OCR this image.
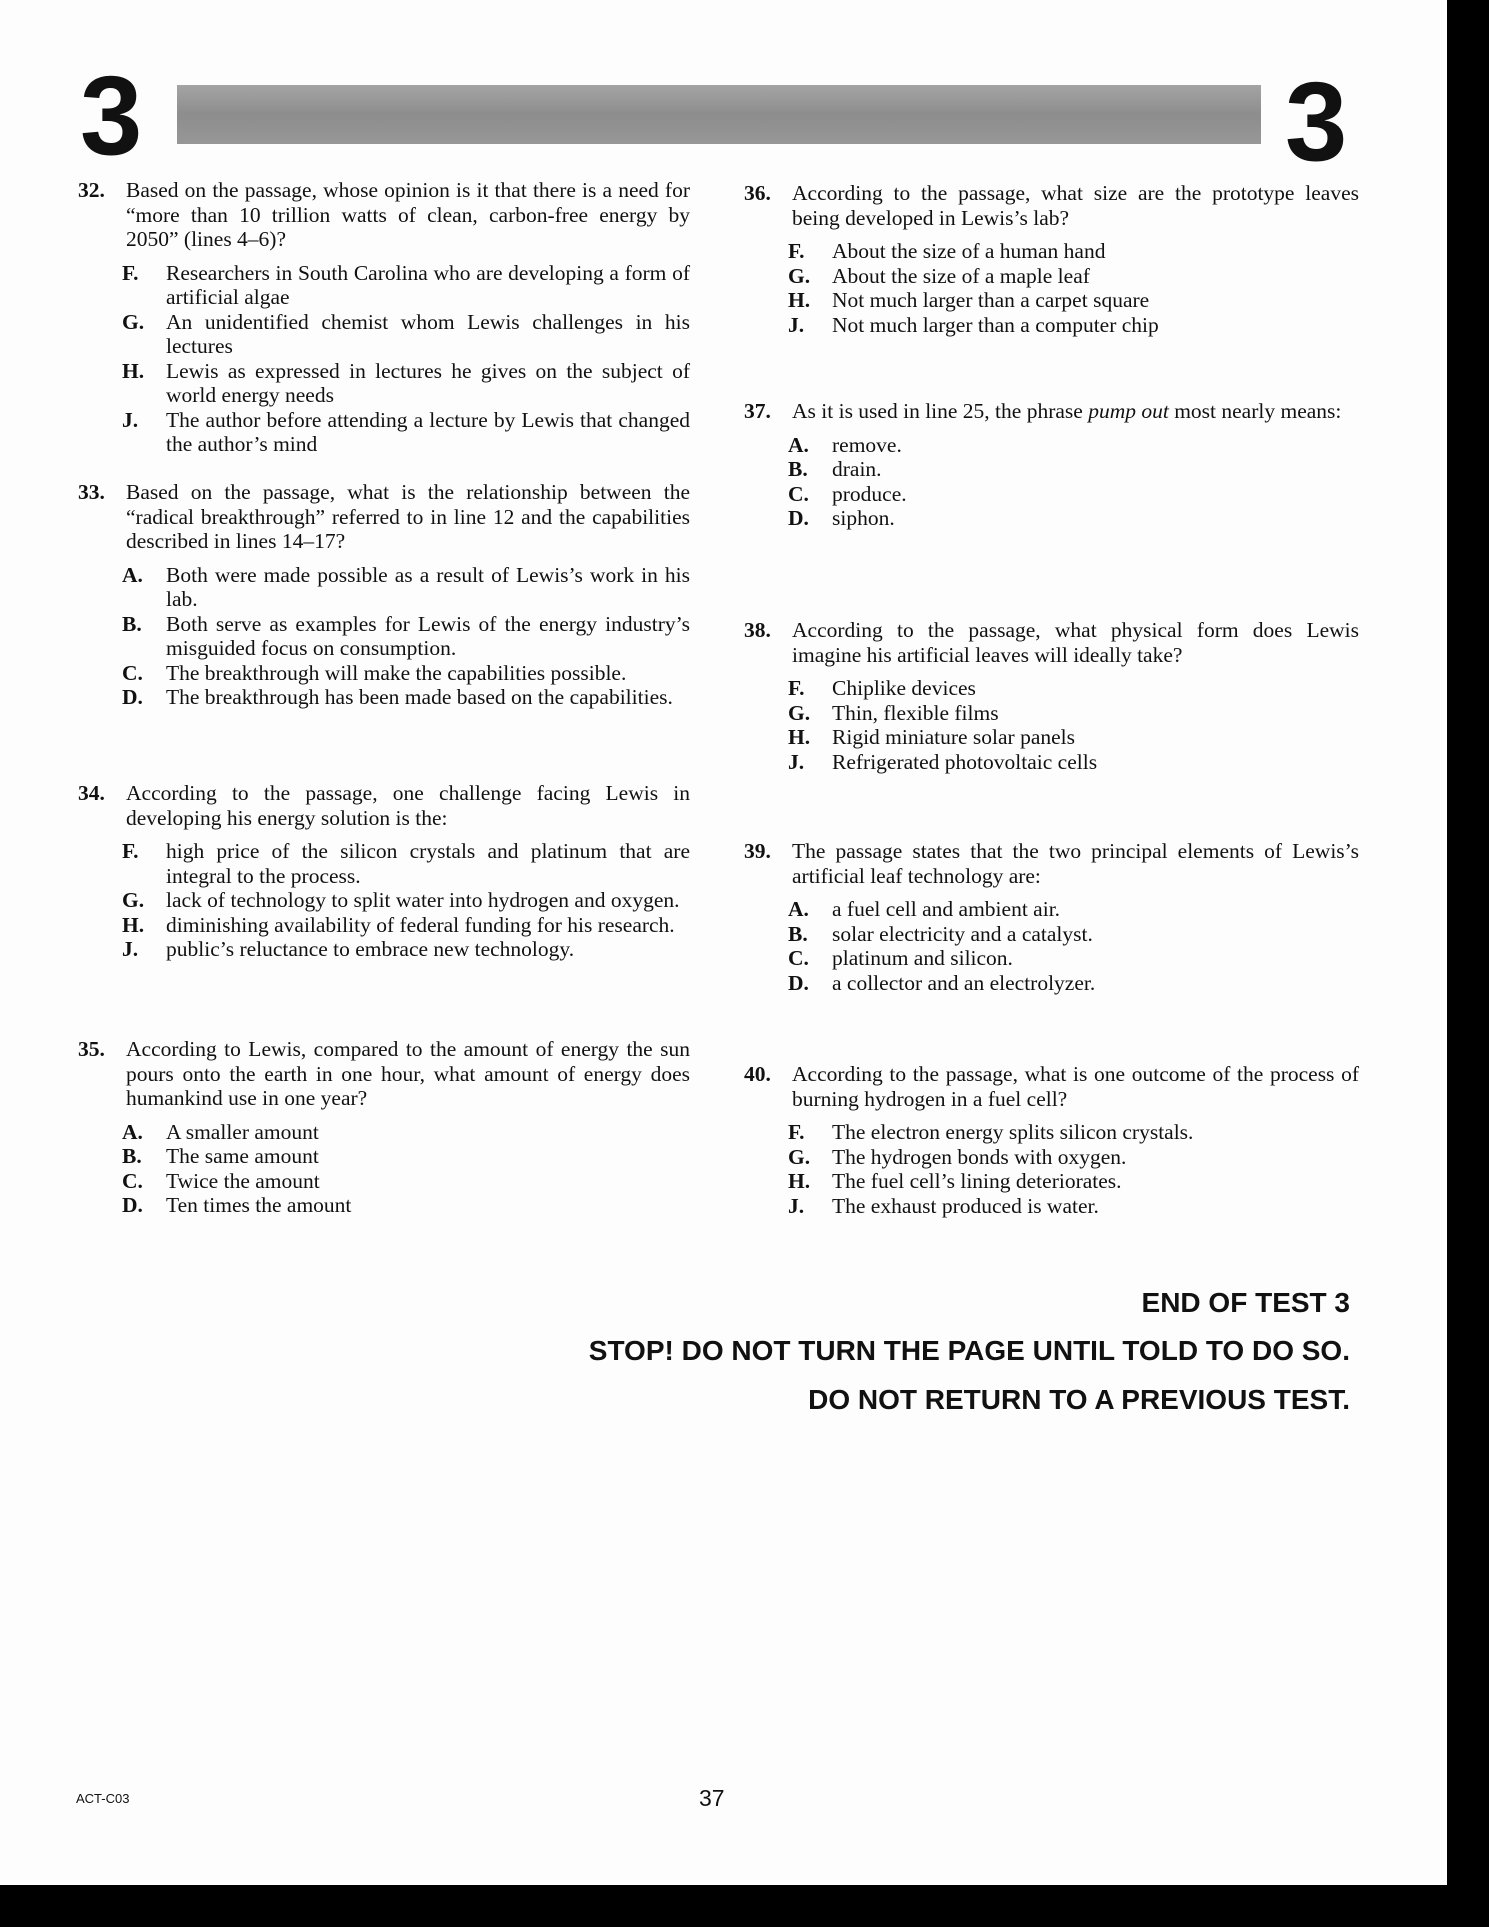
3	3
32. Based on the passage, whose opinion is it that there is a need for “more than 10 trillion watts of clean, carbon-free energy by 2050” (lines 4–6)?
F. Researchers in South Carolina who are developing a form of artificial algae
G. An unidentified chemist whom Lewis challenges in his lectures
H. Lewis as expressed in lectures he gives on the subject of world energy needs
J. The author before attending a lecture by Lewis that changed the author’s mind
33. Based on the passage, what is the relationship between the “radical breakthrough” referred to in line 12 and the capabilities described in lines 14–17?
A. Both were made possible as a result of Lewis’s work in his lab.
B. Both serve as examples for Lewis of the energy industry’s misguided focus on consumption.
C. The breakthrough will make the capabilities possible.
D. The breakthrough has been made based on the capabilities.
34. According to the passage, one challenge facing Lewis in developing his energy solution is the:
F. high price of the silicon crystals and platinum that are integral to the process.
G. lack of technology to split water into hydrogen and oxygen.
H. diminishing availability of federal funding for his research.
J. public’s reluctance to embrace new technology.
35. According to Lewis, compared to the amount of energy the sun pours onto the earth in one hour, what amount of energy does humankind use in one year?
A. A smaller amount
B. The same amount
C. Twice the amount
D. Ten times the amount
36. According to the passage, what size are the prototype leaves being developed in Lewis’s lab?
F. About the size of a human hand
G. About the size of a maple leaf
H. Not much larger than a carpet square
J. Not much larger than a computer chip
37. As it is used in line 25, the phrase pump out most nearly means:
A. remove.
B. drain.
C. produce.
D. siphon.
38. According to the passage, what physical form does Lewis imagine his artificial leaves will ideally take?
F. Chiplike devices
G. Thin, flexible films
H. Rigid miniature solar panels
J. Refrigerated photovoltaic cells
39. The passage states that the two principal elements of Lewis’s artificial leaf technology are:
A. a fuel cell and ambient air.
B. solar electricity and a catalyst.
C. platinum and silicon.
D. a collector and an electrolyzer.
40. According to the passage, what is one outcome of the process of burning hydrogen in a fuel cell?
F. The electron energy splits silicon crystals.
G. The hydrogen bonds with oxygen.
H. The fuel cell’s lining deteriorates.
J. The exhaust produced is water.
END OF TEST 3
STOP! DO NOT TURN THE PAGE UNTIL TOLD TO DO SO.
DO NOT RETURN TO A PREVIOUS TEST.
ACT-C03	37
